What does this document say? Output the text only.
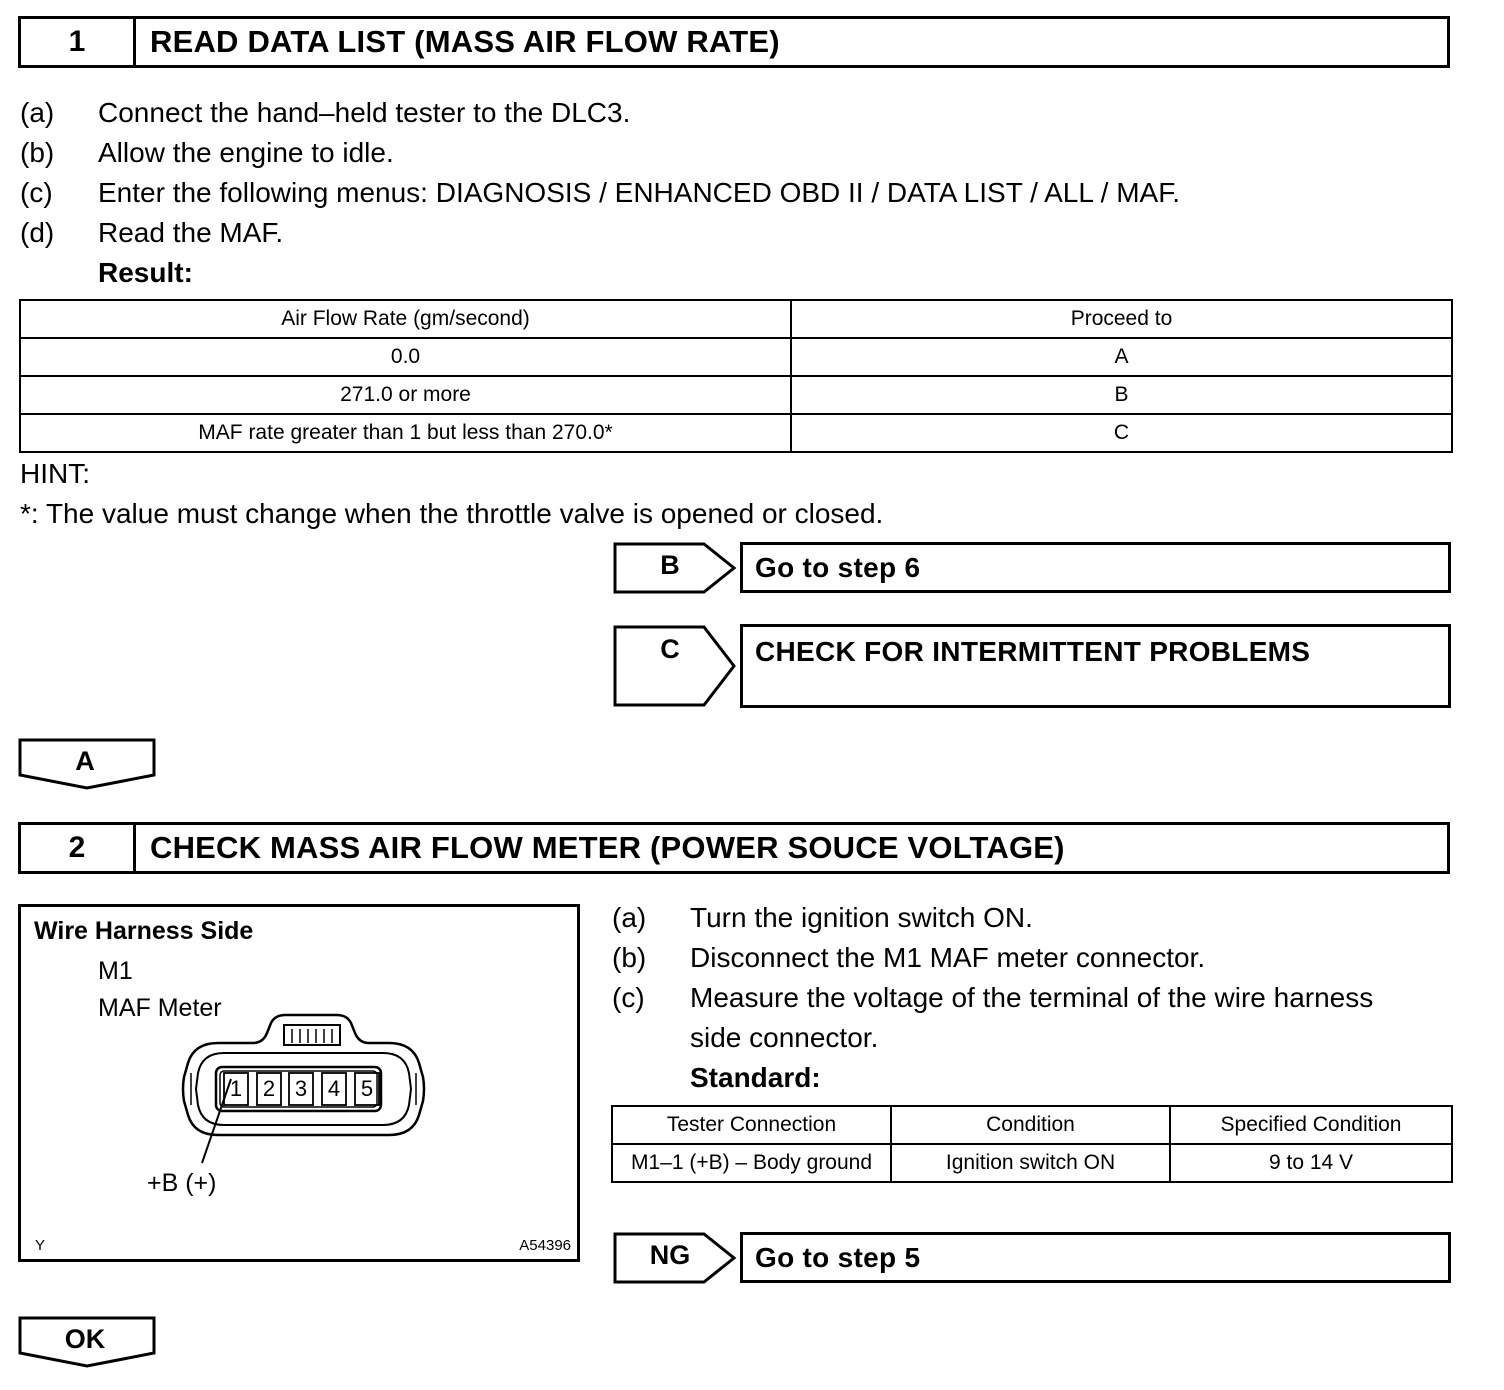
1	READ DATA LIST (MASS AIR FLOW RATE)
(a) Connect the hand–held tester to the DLC3.
(b) Allow the engine to idle.
(c) Enter the following menus: DIAGNOSIS / ENHANCED OBD II / DATA LIST / ALL / MAF.
(d) Read the MAF.
Result:
Air Flow Rate (gm/second)	Proceed to
0.0	A
271.0 or more	B
MAF rate greater than 1 but less than 270.0*	C
HINT:
*: The value must change when the throttle valve is opened or closed.
B	Go to step 6
C	CHECK FOR INTERMITTENT PROBLEMS
A
2	CHECK MASS AIR FLOW METER (POWER SOUCE VOLTAGE)
Wire Harness Side
M1
MAF Meter
1 2 3 4 5
+B (+)
Y	A54396
(a) Turn the ignition switch ON.
(b) Disconnect the M1 MAF meter connector.
(c) Measure the voltage of the terminal of the wire harness
side connector.
Standard:
Tester Connection	Condition	Specified Condition
M1–1 (+B) – Body ground	Ignition switch ON	9 to 14 V
NG	Go to step 5
OK
